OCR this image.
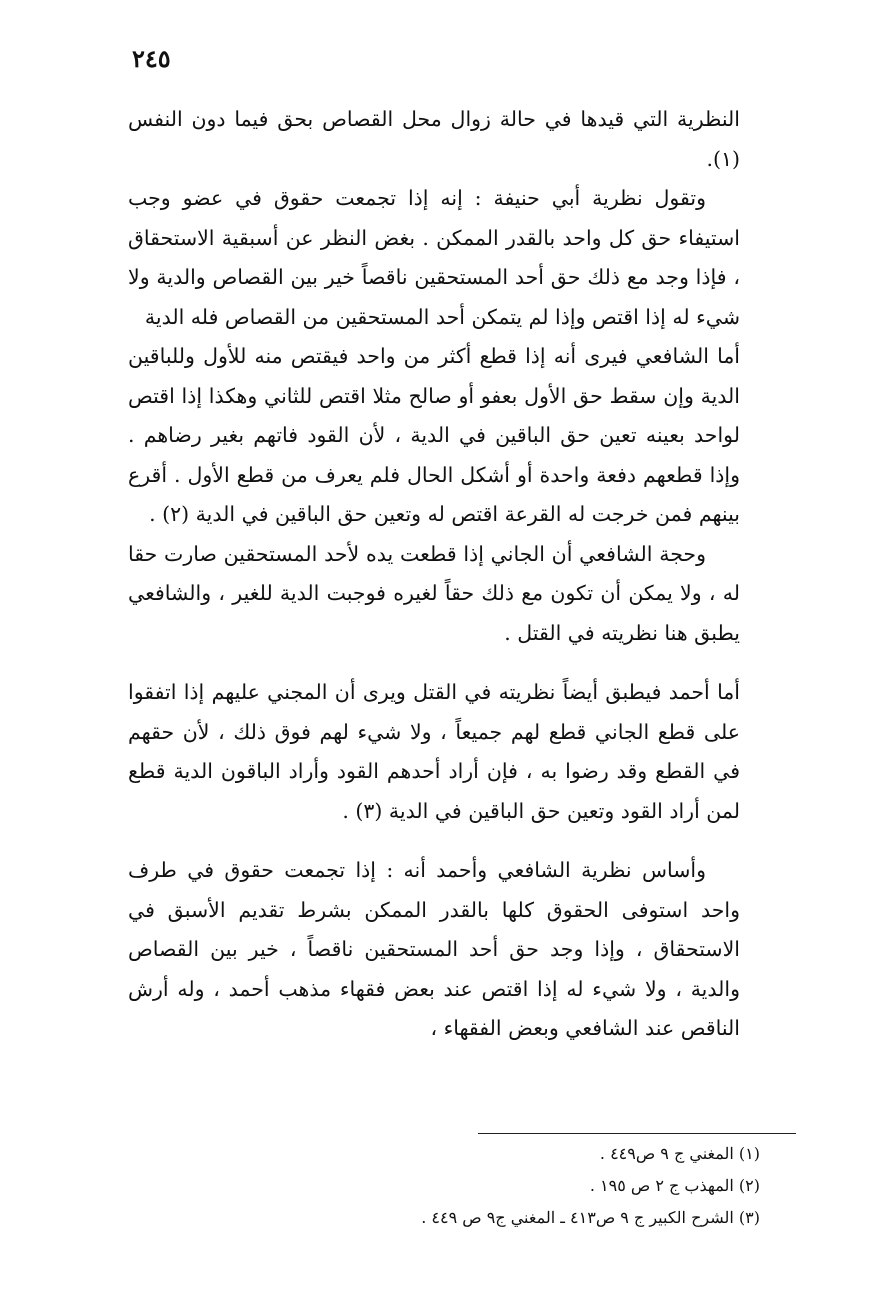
٢٤٥

النظرية التي قيدها في حالة زوال محل القصاص بحق فيما دون النفس (١).

وتقول نظرية أبي حنيفة : إنه إذا تجمعت حقوق في عضو وجب استيفاء حق كل واحد بالقدر الممكن . بغض النظر عن أسبقية الاستحقاق ، فإذا وجد مع ذلك حق أحد المستحقين ناقصاً خير بين القصاص والدية ولا شيء له إذا اقتص وإذا لم يتمكن أحد المستحقين من القصاص فله الدية

أما الشافعي فيرى أنه إذا قطع أكثر من واحد فيقتص منه للأول وللباقين الدية وإن سقط حق الأول بعفو أو صالح مثلا اقتص للثاني وهكذا إذا اقتص لواحد بعينه تعين حق الباقين في الدية ، لأن القود فاتهم بغير رضاهم . وإذا قطعهم دفعة واحدة أو أشكل الحال فلم يعرف من قطع الأول . أقرع بينهم فمن خرجت له القرعة اقتص له وتعين حق الباقين في الدية (٢) .

وحجة الشافعي أن الجاني إذا قطعت يده لأحد المستحقين صارت حقا له ، ولا يمكن أن تكون مع ذلك حقاً لغيره فوجبت الدية للغير ، والشافعي يطبق هنا نظريته في القتل .

أما أحمد فيطبق أيضاً نظريته في القتل ويرى أن المجني عليهم إذا اتفقوا على قطع الجاني قطع لهم جميعاً ، ولا شيء لهم فوق ذلك ، لأن حقهم في القطع وقد رضوا به ، فإن أراد أحدهم القود وأراد الباقون الدية قطع لمن أراد القود وتعين حق الباقين في الدية (٣) .

وأساس نظرية الشافعي وأحمد أنه : إذا تجمعت حقوق في طرف واحد استوفى الحقوق كلها بالقدر الممكن بشرط تقديم الأسبق في الاستحقاق ، وإذا وجد حق أحد المستحقين ناقصاً ، خير بين القصاص والدية ، ولا شيء له إذا اقتص عند بعض فقهاء مذهب أحمد ، وله أرش الناقص عند الشافعي وبعض الفقهاء ،

(١) المغني ج ٩ ص٤٤٩ .
(٢) المهذب ج ٢ ص ١٩٥ .
(٣) الشرح الكبير ج ٩ ص٤١٣ ـ المغني ج٩ ص ٤٤٩ .
